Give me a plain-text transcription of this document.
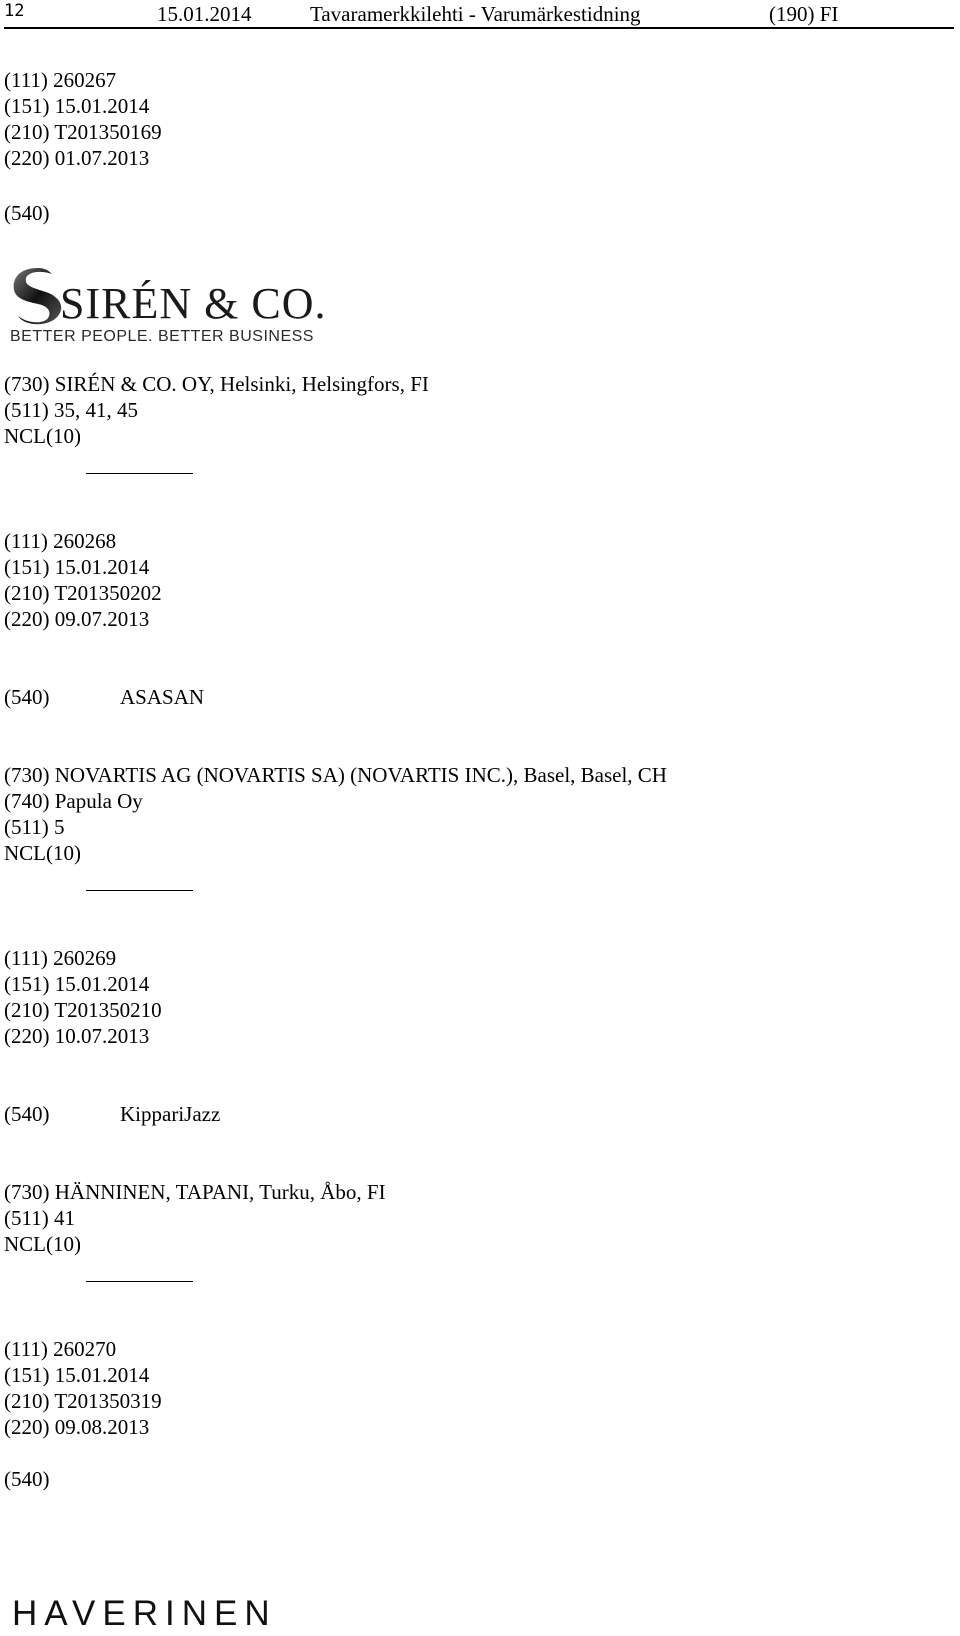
12	15.01.2014	Tavaramerkkilehti - Varumärkestidning	(190) FI
(111) 260267
(151) 15.01.2014
(210) T201350169
(220) 01.07.2013
(540)
SIRÉN & CO.
BETTER PEOPLE. BETTER BUSINESS
(730) SIRÉN & CO. OY, Helsinki, Helsingfors, FI
(511) 35, 41, 45
NCL(10)
(111) 260268
(151) 15.01.2014
(210) T201350202
(220) 09.07.2013
(540)	ASASAN
(730) NOVARTIS AG (NOVARTIS SA) (NOVARTIS INC.), Basel, Basel, CH
(740) Papula Oy
(511) 5
NCL(10)
(111) 260269
(151) 15.01.2014
(210) T201350210
(220) 10.07.2013
(540)	KippariJazz
(730) HÄNNINEN, TAPANI, Turku, Åbo, FI
(511) 41
NCL(10)
(111) 260270
(151) 15.01.2014
(210) T201350319
(220) 09.08.2013
(540)
HAVERINEN
